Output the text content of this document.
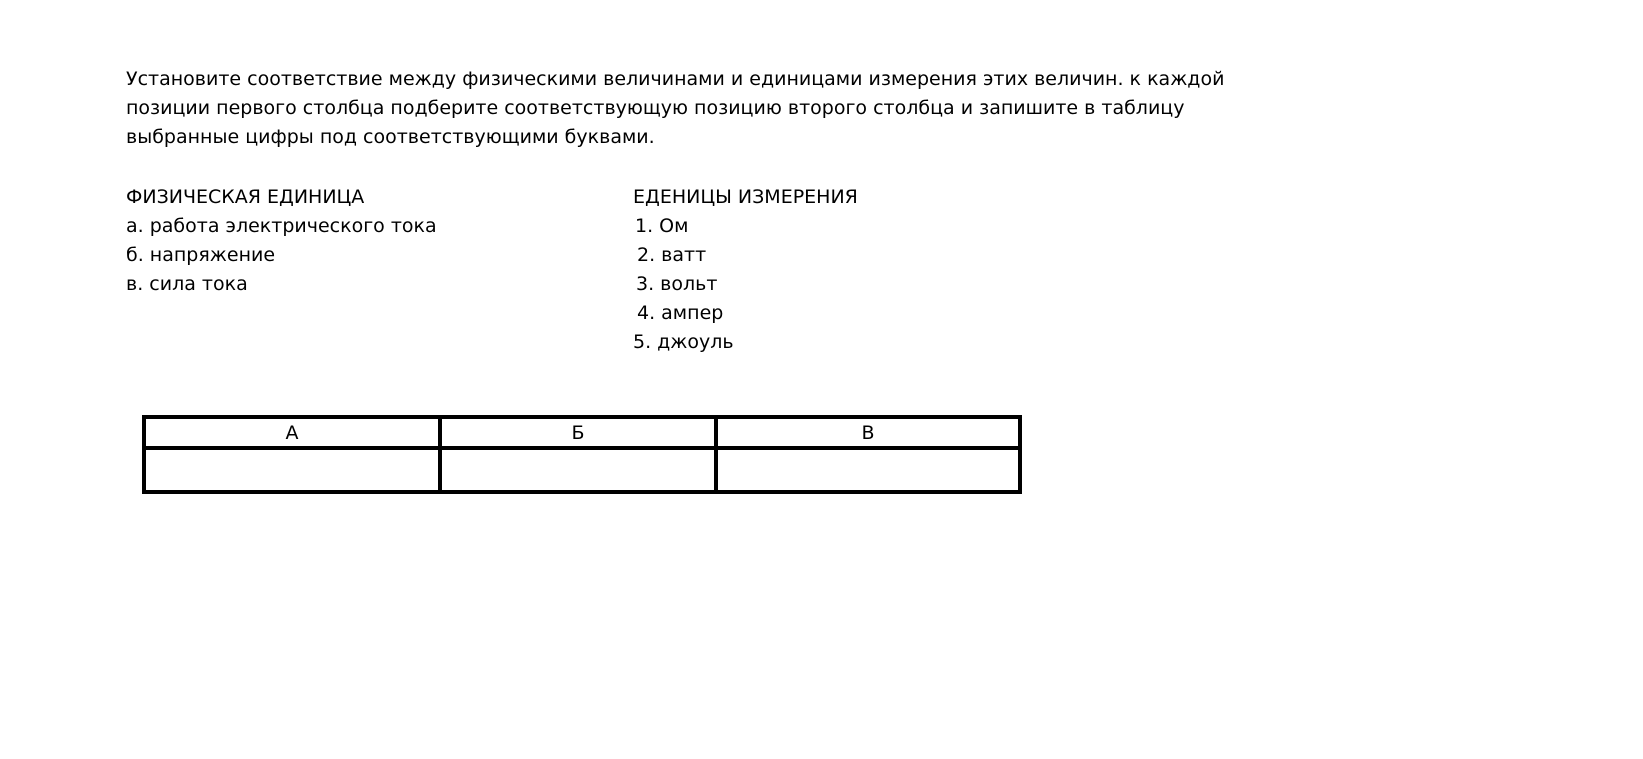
Установите соответствие между физическими величинами и единицами измерения этих величин. к каждой
позиции первого столбца подберите соответствующую позицию второго столбца и запишите в таблицу
выбранные цифры под соответствующими буквами.
ФИЗИЧЕСКАЯ ЕДИНИЦА
а. работа электрического тока
б. напряжение
в. сила тока
ЕДЕНИЦЫ ИЗМЕРЕНИЯ
1. Ом
2. ватт
3. вольт
4. ампер
5. джоуль
А	Б	В
